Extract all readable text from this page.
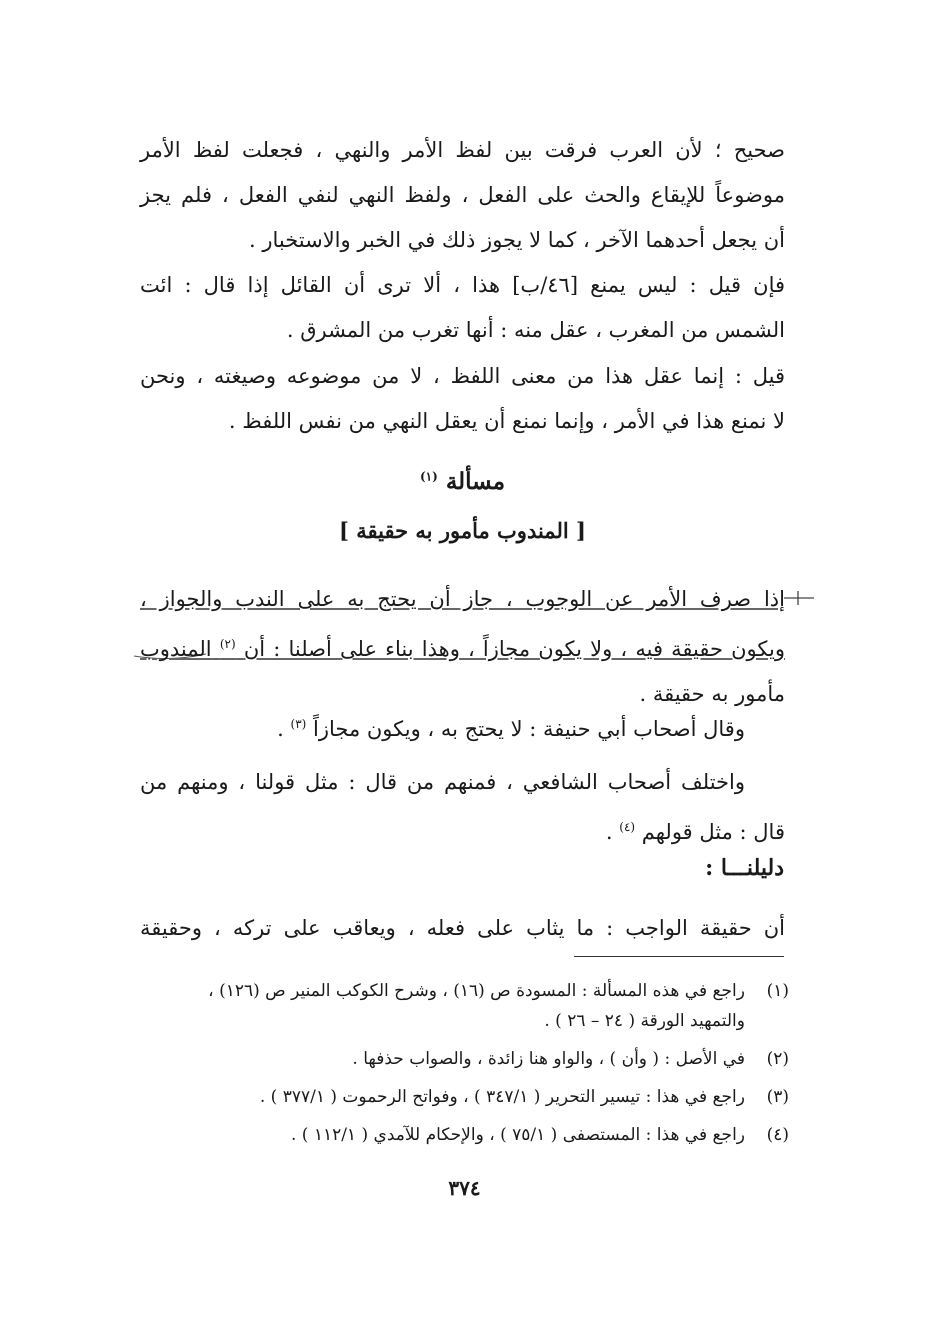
صحيح ؛ لأن العرب فرقت بين لفظ الأمر والنهي ، فجعلت لفظ الأمر
موضوعاً للإيقاع والحث على الفعل ، ولفظ النهي لنفي الفعل ، فلم يجز
أن يجعل أحدهما الآخر ، كما لا يجوز ذلك في الخبر والاستخبار .
فإن قيل : ليس يمنع [٤٦/ب] هذا ، ألا ترى أن القائل إذا قال : ائت
الشمس من المغرب ، عقل منه : أنها تغرب من المشرق .
قيل : إنما عقل هذا من معنى اللفظ ، لا من موضوعه وصيغته ، ونحن
لا نمنع هذا في الأمر ، وإنما نمنع أن يعقل النهي من نفس اللفظ .
مسألة $^{(١)}$
[ المندوب مأمور به حقيقة ]
إذا صرف الأمر عن الوجوب ، جاز أن يحتج به على الندب والجواز ،
ويكون حقيقة فيه ، ولا يكون مجازاً ، وهذا بناء على أصلنا : أن $^{(٢)}$ المندوب
مأمور به حقيقة .
وقال أصحاب أبي حنيفة : لا يحتج به ، ويكون مجازاً $^{(٣)}$ .
واختلف أصحاب الشافعي ، فمنهم من قال : مثل قولنا ، ومنهم من
قال : مثل قولهم $^{(٤)}$ .
دليلنـــا :
أن حقيقة الواجب : ما يثاب على فعله ، ويعاقب على تركه ، وحقيقة
(١)راجع في هذه المسألة : المسودة ص (١٦) ، وشرح الكوكب المنير ص (١٢٦) ،
والتمهيد الورقة ( ٢٤ – ٢٦ ) .
(٢)في الأصل : ( وأن ) ، والواو هنا زائدة ، والصواب حذفها .
(٣)راجع في هذا : تيسير التحرير ( ٣٤٧/١ ) ، وفواتح الرحموت ( ٣٧٧/١ ) .
(٤)راجع في هذا : المستصفى ( ٧٥/١ ) ، والإحكام للآمدي ( ١١٢/١ ) .
٣٧٤
